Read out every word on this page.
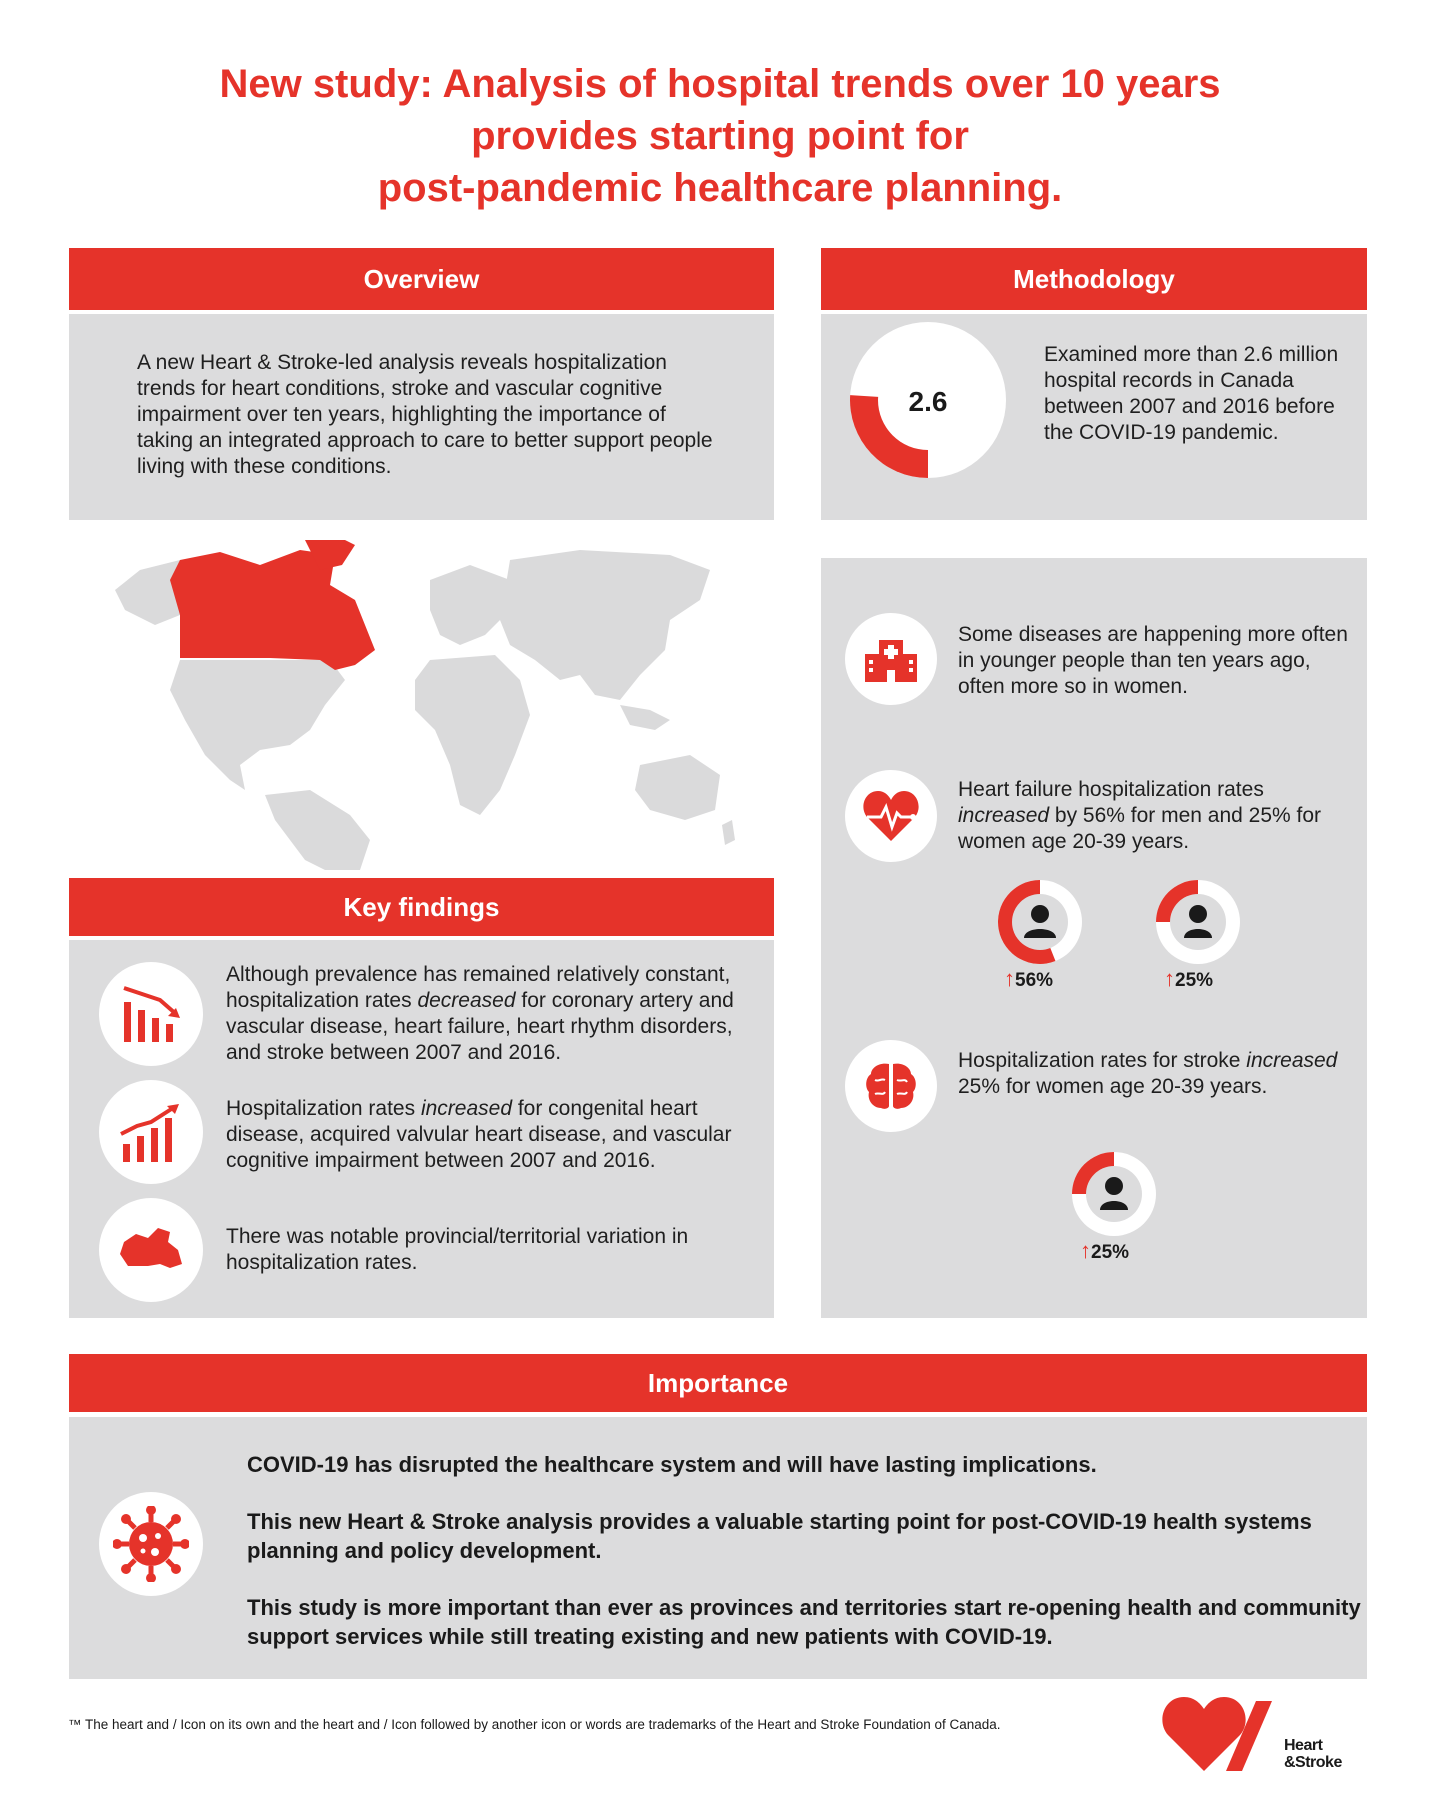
New study: Analysis of hospital trends over 10 years
provides starting point for
post-pandemic healthcare planning.
Overview
A new Heart & Stroke-led analysis reveals hospitalization trends for heart conditions, stroke and vascular cognitive impairment over ten years, highlighting the importance of taking an integrated approach to care to better support people living with these conditions.
Methodology
2.6
Examined more than 2.6 million hospital records in Canada between 2007 and 2016 before the COVID-19 pandemic.
Key findings
Although prevalence has remained relatively constant, hospitalization rates decreased for coronary artery and vascular disease, heart failure, heart rhythm disorders, and stroke between 2007 and 2016.
Hospitalization rates increased for congenital heart disease, acquired valvular heart disease, and vascular cognitive impairment between 2007 and 2016.
There was notable provincial/territorial variation in hospitalization rates.
Some diseases are happening more often in younger people than ten years ago, often more so in women.
Heart failure hospitalization rates increased by 56% for men and 25% for women age 20-39 years.
↑56%	↑25%
Hospitalization rates for stroke increased 25% for women age 20-39 years.
↑25%
Importance
COVID-19 has disrupted the healthcare system and will have lasting implications.
This new Heart & Stroke analysis provides a valuable starting point for post-COVID-19 health systems planning and policy development.
This study is more important than ever as provinces and territories start re-opening health and community support services while still treating existing and new patients with COVID-19.
™ The heart and / Icon on its own and the heart and / Icon followed by another icon or words are trademarks of the Heart and Stroke Foundation of Canada.
Heart
&Stroke
